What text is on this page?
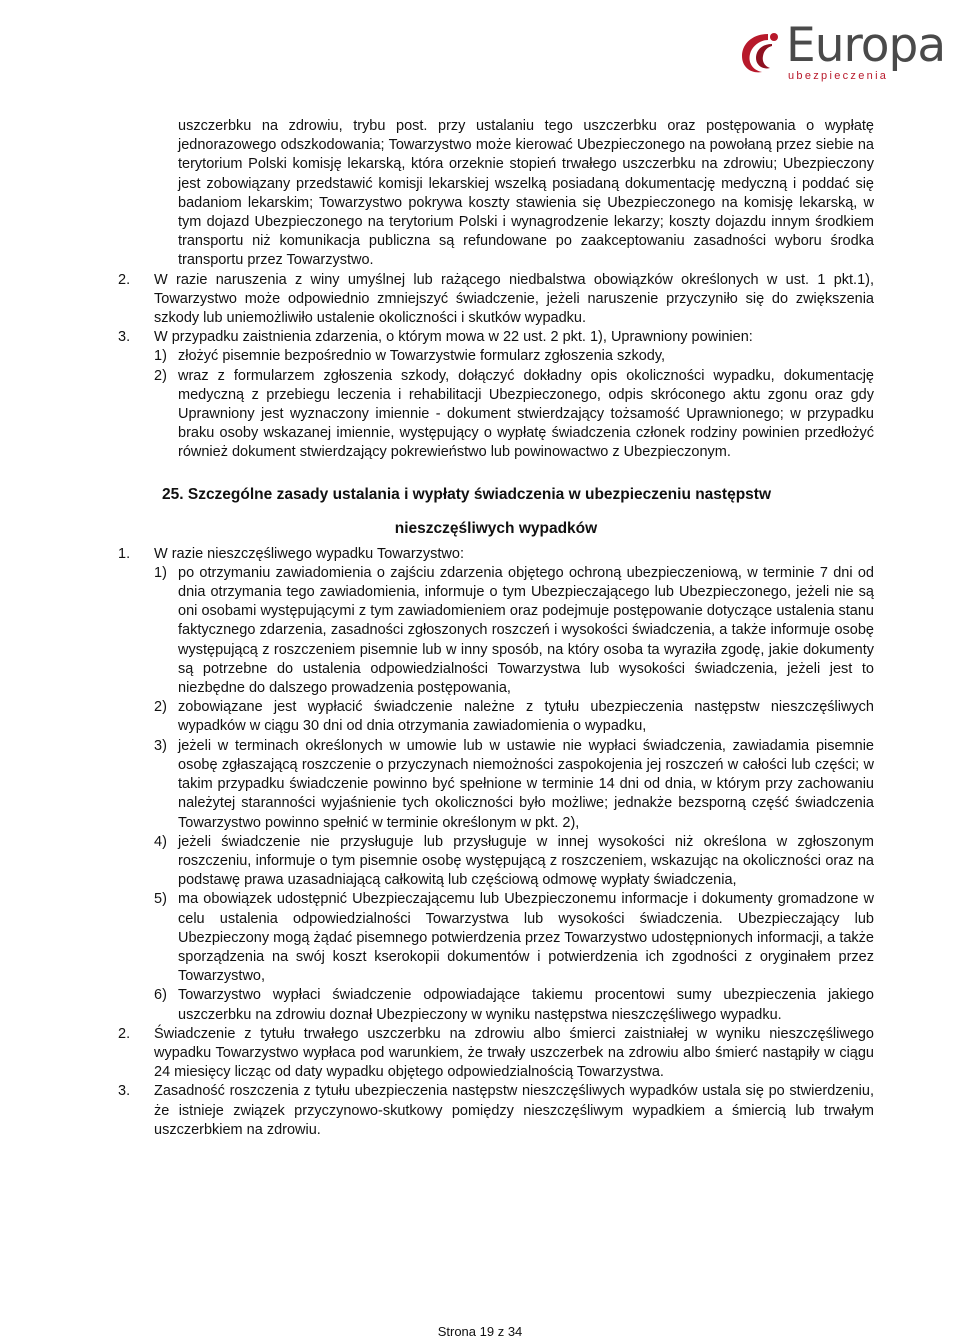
Europa
ubezpieczenia
uszczerbku na zdrowiu, trybu post. przy ustalaniu tego uszczerbku oraz postępowania o wypłatę jednorazowego odszkodowania; Towarzystwo może kierować Ubezpieczonego na powołaną przez siebie na terytorium Polski komisję lekarską, która orzeknie stopień trwałego uszczerbku na zdrowiu; Ubezpieczony jest zobowiązany przedstawić komisji lekarskiej wszelką posiadaną dokumentację medyczną i poddać się badaniom lekarskim; Towarzystwo pokrywa koszty stawienia się Ubezpieczonego na komisję lekarską, w tym dojazd Ubezpieczonego na terytorium Polski i wynagrodzenie lekarzy; koszty dojazdu innym środkiem transportu niż komunikacja publiczna są refundowane po zaakceptowaniu zasadności wyboru środka transportu przez Towarzystwo.
2.	W razie naruszenia z winy umyślnej lub rażącego niedbalstwa obowiązków określonych w ust. 1 pkt.1), Towarzystwo może odpowiednio zmniejszyć świadczenie, jeżeli naruszenie przyczyniło się do zwiększenia szkody lub uniemożliwiło ustalenie okoliczności i skutków wypadku.
3.	W przypadku zaistnienia zdarzenia, o którym mowa w 22 ust. 2 pkt. 1), Uprawniony powinien:
1) złożyć pisemnie bezpośrednio w Towarzystwie formularz zgłoszenia szkody,
2) wraz z formularzem zgłoszenia szkody, dołączyć dokładny opis okoliczności wypadku, dokumentację medyczną z przebiegu leczenia i rehabilitacji Ubezpieczonego, odpis skróconego aktu zgonu oraz gdy Uprawniony jest wyznaczony imiennie - dokument stwierdzający tożsamość Uprawnionego; w przypadku braku osoby wskazanej imiennie, występujący o wypłatę świadczenia członek rodziny powinien przedłożyć również dokument stwierdzający pokrewieństwo lub powinowactwo z Ubezpieczonym.
25. Szczególne zasady ustalania i wypłaty świadczenia w ubezpieczeniu następstw
nieszczęśliwych wypadków
1.	W razie nieszczęśliwego wypadku Towarzystwo:
1) po otrzymaniu zawiadomienia o zajściu zdarzenia objętego ochroną ubezpieczeniową, w terminie 7 dni od dnia otrzymania tego zawiadomienia, informuje o tym Ubezpieczającego lub Ubezpieczonego, jeżeli nie są oni osobami występującymi z tym zawiadomieniem oraz podejmuje postępowanie dotyczące ustalenia stanu faktycznego zdarzenia, zasadności zgłoszonych roszczeń i wysokości świadczenia, a także informuje osobę występującą z roszczeniem pisemnie lub w inny sposób, na który osoba ta wyraziła zgodę, jakie dokumenty są potrzebne do ustalenia odpowiedzialności Towarzystwa lub wysokości świadczenia, jeżeli jest to niezbędne do dalszego prowadzenia postępowania,
2) zobowiązane jest wypłacić świadczenie należne z tytułu ubezpieczenia następstw nieszczęśliwych wypadków w ciągu 30 dni od dnia otrzymania zawiadomienia o wypadku,
3) jeżeli w terminach określonych w umowie lub w ustawie nie wypłaci świadczenia, zawiadamia pisemnie osobę zgłaszającą roszczenie o przyczynach niemożności zaspokojenia jej roszczeń w całości lub części; w takim przypadku świadczenie powinno być spełnione w terminie 14 dni od dnia, w którym przy zachowaniu należytej staranności wyjaśnienie tych okoliczności było możliwe; jednakże bezsporną część świadczenia Towarzystwo powinno spełnić w terminie określonym w pkt. 2),
4) jeżeli świadczenie nie przysługuje lub przysługuje w innej wysokości niż określona w zgłoszonym roszczeniu, informuje o tym pisemnie osobę występującą z roszczeniem, wskazując na okoliczności oraz na podstawę prawa uzasadniającą całkowitą lub częściową odmowę wypłaty świadczenia,
5) ma obowiązek udostępnić Ubezpieczającemu lub Ubezpieczonemu informacje i dokumenty gromadzone w celu ustalenia odpowiedzialności Towarzystwa lub wysokości świadczenia. Ubezpieczający lub Ubezpieczony mogą żądać pisemnego potwierdzenia przez Towarzystwo udostępnionych informacji, a także sporządzenia na swój koszt kserokopii dokumentów i potwierdzenia ich zgodności z oryginałem przez Towarzystwo,
6) Towarzystwo wypłaci świadczenie odpowiadające takiemu procentowi sumy ubezpieczenia jakiego uszczerbku na zdrowiu doznał Ubezpieczony w wyniku następstwa nieszczęśliwego wypadku.
2.	Świadczenie z tytułu trwałego uszczerbku na zdrowiu albo śmierci zaistniałej w wyniku nieszczęśliwego wypadku Towarzystwo wypłaca pod warunkiem, że trwały uszczerbek na zdrowiu albo śmierć nastąpiły w ciągu 24 miesięcy licząc od daty wypadku objętego odpowiedzialnością Towarzystwa.
3.	Zasadność roszczenia z tytułu ubezpieczenia następstw nieszczęśliwych wypadków ustala się po stwierdzeniu, że istnieje związek przyczynowo-skutkowy pomiędzy nieszczęśliwym wypadkiem a śmiercią lub trwałym uszczerbkiem na zdrowiu.
Strona 19 z 34
